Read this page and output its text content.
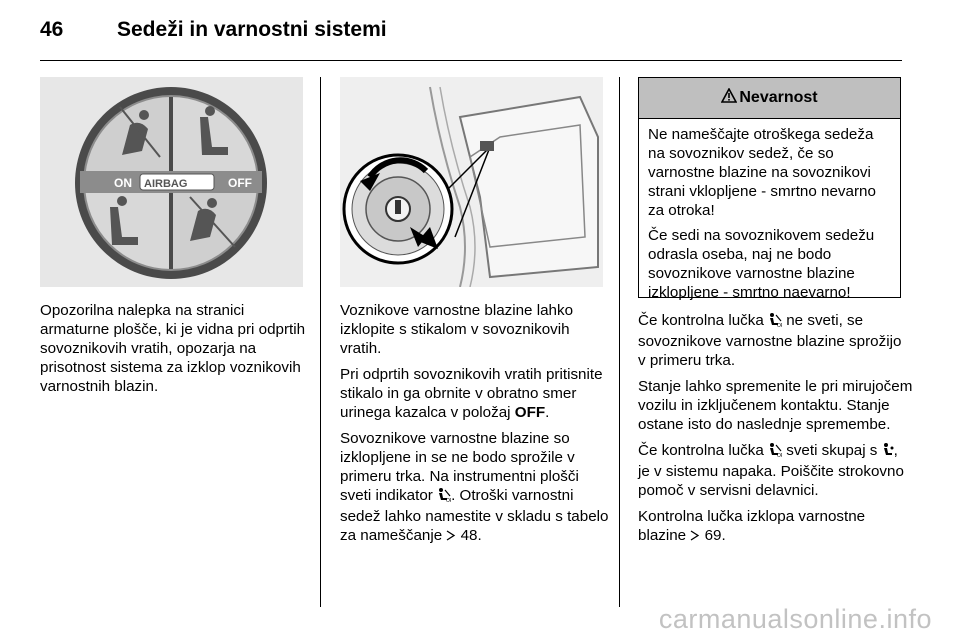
46	Sedeži in varnostni sistemi
ON AIRBAG	OFF

Opozorilna nalepka na stranici armaturne plošče, ki je vidna pri odprtih sovoznikovih vratih, opozarja na prisotnost sistema za izklop voznikovih varnostnih blazin.

Voznikove varnostne blazine lahko izklopite s stikalom v sovoznikovih vratih.

Pri odprtih sovoznikovih vratih pritisnite stikalo in ga obrnite v obratno smer urinega kazalca v položaj OFF.

Sovoznikove varnostne blazine so izklopljene in se ne bodo sprožile v primeru trka. Na instrumentni plošči sveti indikator O . Otroški varnostni sedež lahko namestite v skladu s tabelo za nameščanje  48.

Nevarnost

Ne nameščajte otroškega sedeža na sovoznikov sedež, če so varnostne blazine na sovoznikovi strani vklopljene - smrtno nevarno za otroka!

Če sedi na sovoznikovem sedežu odrasla oseba, naj ne bodo sovoznikove varnostne blazine izklopljene - smrtno naevarno!

Če kontrolna lučka O ne sveti, se sovoznikove varnostne blazine sprožijo v primeru trka.

Stanje lahko spremenite le pri mirujočem vozilu in izključenem kontaktu. Stanje ostane isto do naslednje spremembe.

Če kontrolna lučka O sveti skupaj s , je v sistemu napaka. Poiščite strokovno pomoč v servisni delavnici.

Kontrolna lučka izklopa varnostne blazine  69.

carmanualsonline.info
